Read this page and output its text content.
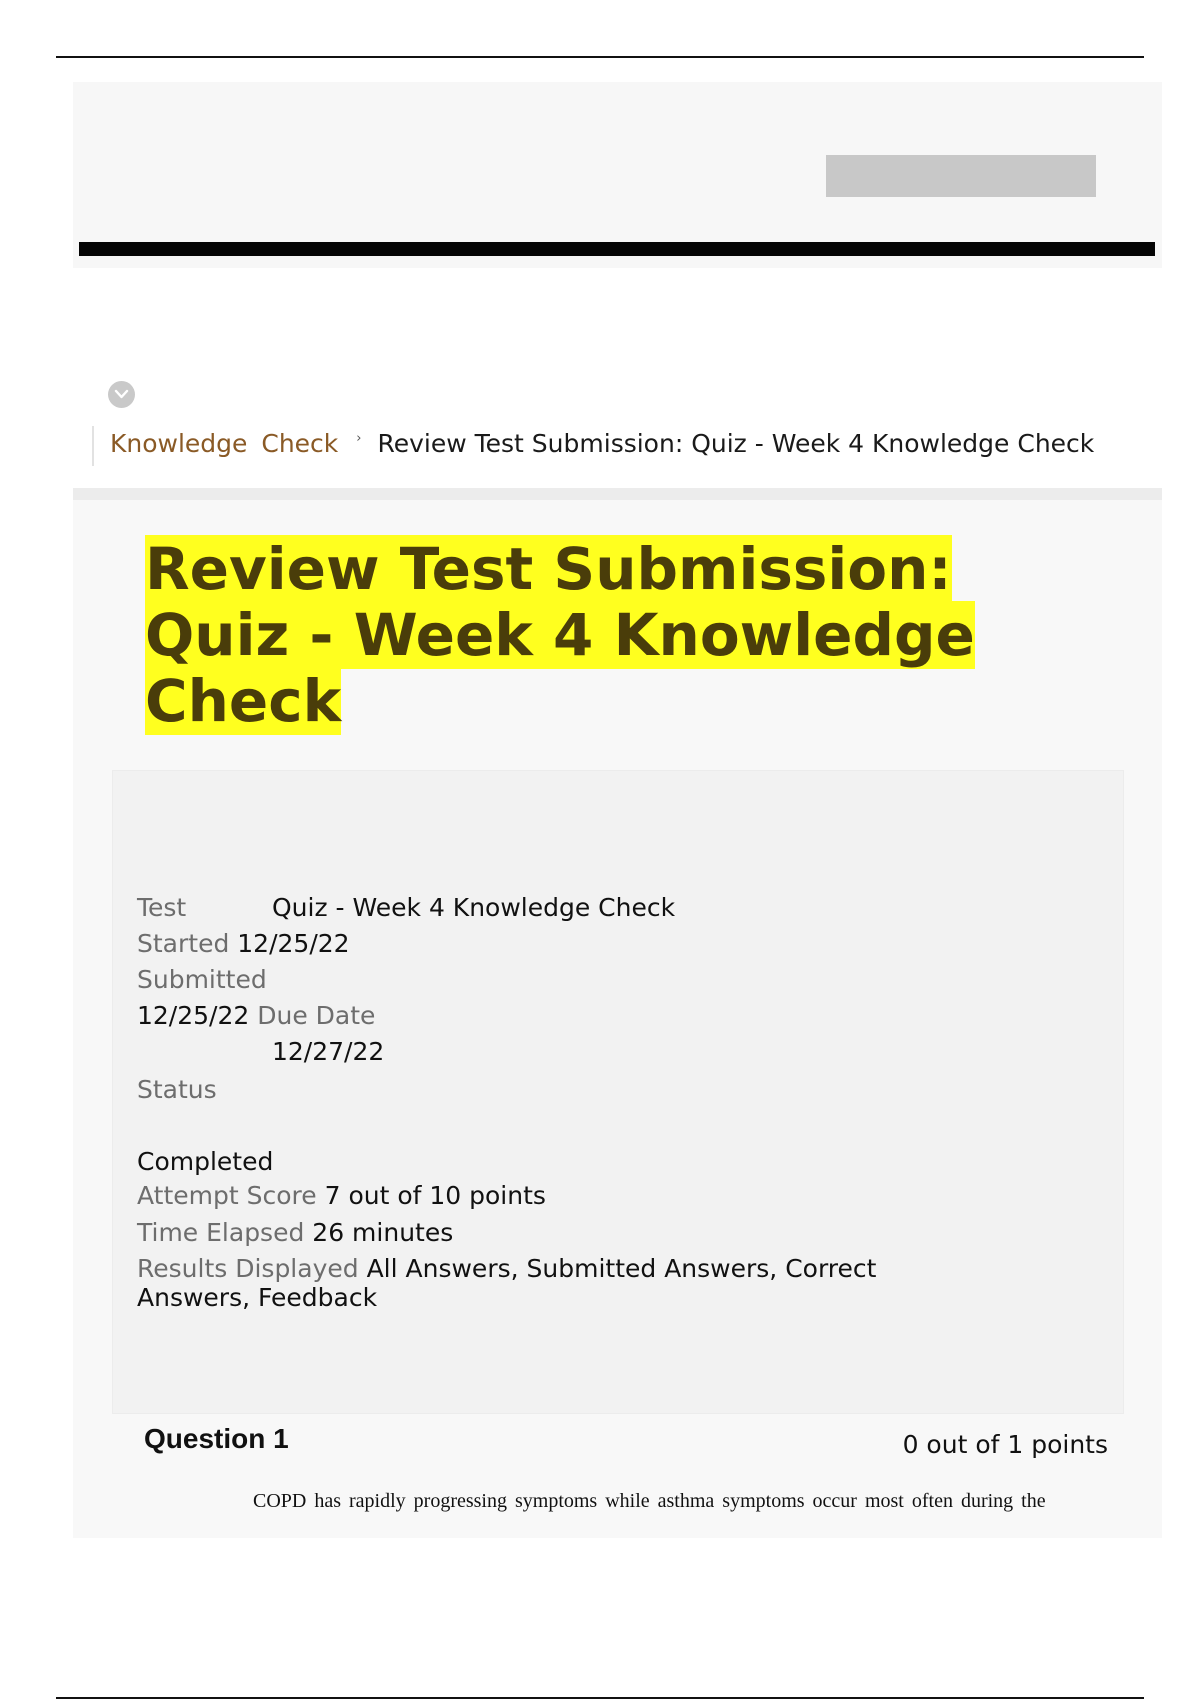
Knowledge Check › Review Test Submission: Quiz - Week 4 Knowledge Check
Review Test Submission: Quiz - Week 4 Knowledge Check
Test	Quiz - Week 4 Knowledge Check
Started 12/25/22
Submitted
12/25/22 Due Date
12/27/22
Status
Completed
Attempt Score 7 out of 10 points
Time Elapsed 26 minutes
Results Displayed All Answers, Submitted Answers, Correct Answers, Feedback
Question 1	0 out of 1 points
COPD has rapidly progressing symptoms while asthma symptoms occur most often during the
